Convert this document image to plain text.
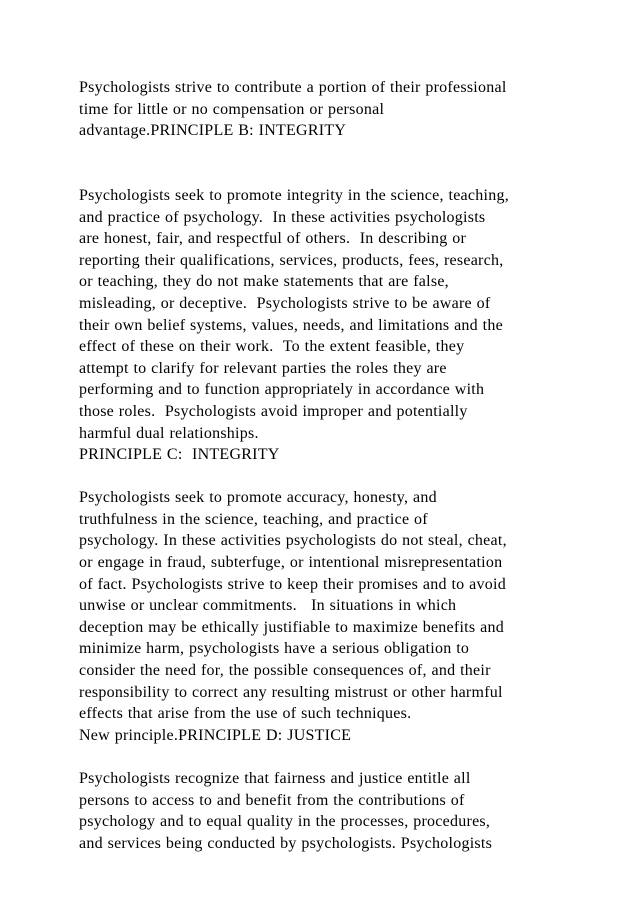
Psychologists strive to contribute a portion of their professional
time for little or no compensation or personal
advantage.PRINCIPLE B: INTEGRITY
Psychologists seek to promote integrity in the science, teaching,
and practice of psychology.  In these activities psychologists
are honest, fair, and respectful of others.  In describing or
reporting their qualifications, services, products, fees, research,
or teaching, they do not make statements that are false,
misleading, or deceptive.  Psychologists strive to be aware of
their own belief systems, values, needs, and limitations and the
effect of these on their work.  To the extent feasible, they
attempt to clarify for relevant parties the roles they are
performing and to function appropriately in accordance with
those roles.  Psychologists avoid improper and potentially
harmful dual relationships.
PRINCIPLE C:  INTEGRITY
Psychologists seek to promote accuracy, honesty, and
truthfulness in the science, teaching, and practice of
psychology. In these activities psychologists do not steal, cheat,
or engage in fraud, subterfuge, or intentional misrepresentation
of fact. Psychologists strive to keep their promises and to avoid
unwise or unclear commitments.   In situations in which
deception may be ethically justifiable to maximize benefits and
minimize harm, psychologists have a serious obligation to
consider the need for, the possible consequences of, and their
responsibility to correct any resulting mistrust or other harmful
effects that arise from the use of such techniques.
New principle.PRINCIPLE D: JUSTICE
Psychologists recognize that fairness and justice entitle all
persons to access to and benefit from the contributions of
psychology and to equal quality in the processes, procedures,
and services being conducted by psychologists. Psychologists
